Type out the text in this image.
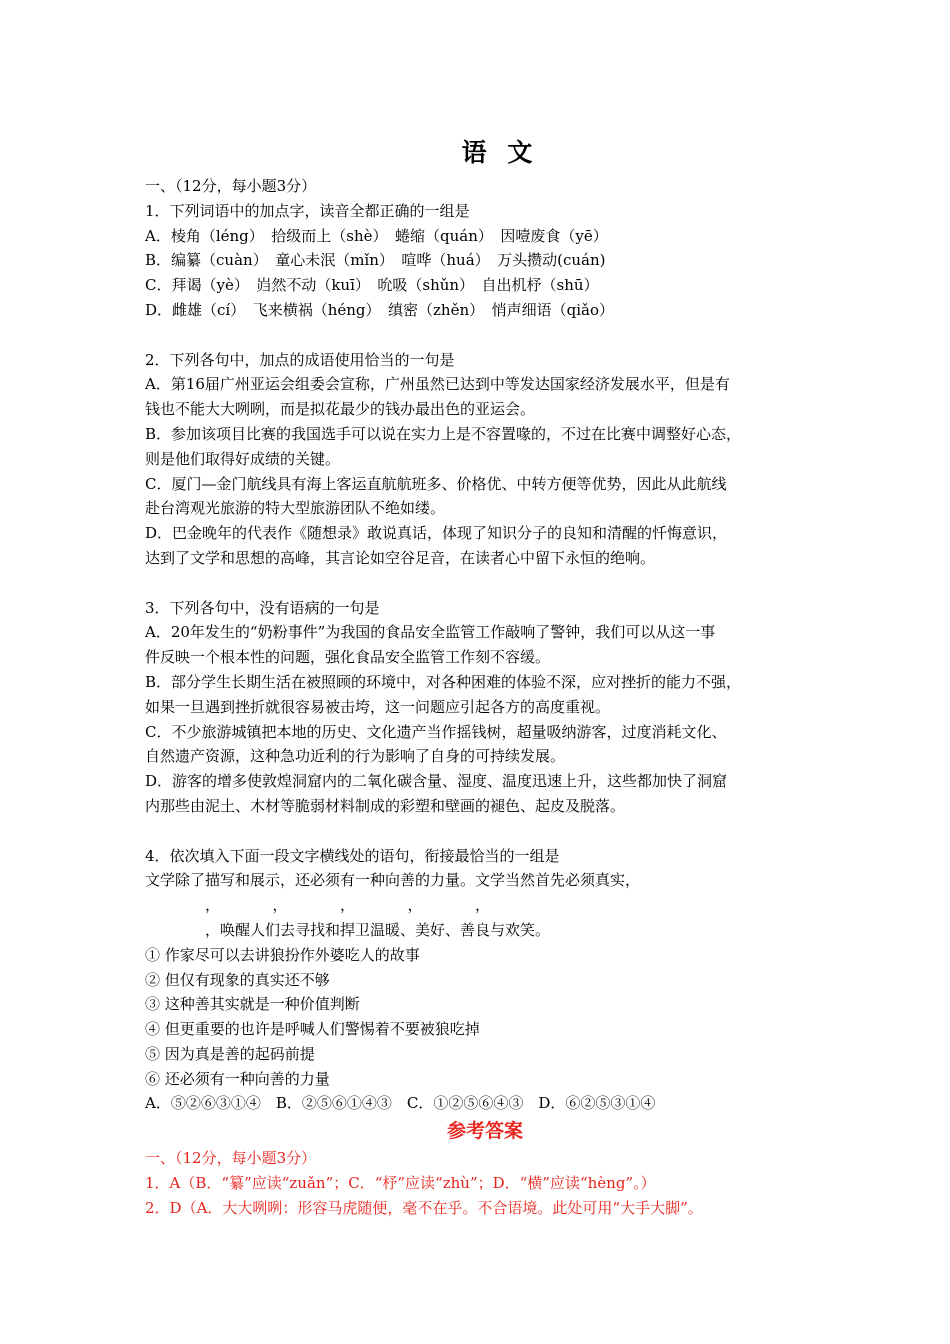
语 文
一、（12分，每小题3分）
1．下列词语中的加点字，读音全都正确的一组是
A．棱角（léng）　拾级而上（shè）　蜷缩（quán）　因噎废食（yē）
B．编纂（cuàn）　童心未泯（mǐn）　喧哗（huá）　万头攒动(cuán)
C．拜谒（yè）　岿然不动（kuī）　吮吸（shǔn）　自出机杼（shū）
D．雌雄（cí）　飞来横祸（héng）　缜密（zhěn）　悄声细语（qiǎo）
2．下列各句中，加点的成语使用恰当的一句是
A．第16届广州亚运会组委会宣称，广州虽然已达到中等发达国家经济发展水平，但是有
钱也不能大大咧咧，而是拟花最少的钱办最出色的亚运会。
B．参加该项目比赛的我国选手可以说在实力上是不容置喙的，不过在比赛中调整好心态，
则是他们取得好成绩的关键。
C．厦门—金门航线具有海上客运直航航班多、价格优、中转方便等优势，因此从此航线
赴台湾观光旅游的特大型旅游团队不绝如缕。
D．巴金晚年的代表作《随想录》敢说真话，体现了知识分子的良知和清醒的忏悔意识，
达到了文学和思想的高峰，其言论如空谷足音，在读者心中留下永恒的绝响。
3．下列各句中，没有语病的一句是
A．20年发生的“奶粉事件”为我国的食品安全监管工作敲响了警钟，我们可以从这一事
件反映一个根本性的问题，强化食品安全监管工作刻不容缓。
B．部分学生长期生活在被照顾的环境中，对各种困难的体验不深，应对挫折的能力不强，
如果一旦遇到挫折就很容易被击垮，这一问题应引起各方的高度重视。
C．不少旅游城镇把本地的历史、文化遗产当作摇钱树，超量吸纳游客，过度消耗文化、
自然遗产资源，这种急功近利的行为影响了自身的可持续发展。
D．游客的增多使敦煌洞窟内的二氧化碳含量、湿度、温度迅速上升，这些都加快了洞窟
内那些由泥土、木材等脆弱材料制成的彩塑和壁画的褪色、起皮及脱落。
4．依次填入下面一段文字横线处的语句，衔接最恰当的一组是
文学除了描写和展示，还必须有一种向善的力量。文学当然首先必须真实，
　　　　，　　　　，　　　　，　　　　，　　　　，
　　　　，唤醒人们去寻找和捍卫温暖、美好、善良与欢笑。
① 作家尽可以去讲狼扮作外婆吃人的故事
② 但仅有现象的真实还不够
③ 这种善其实就是一种价值判断
④ 但更重要的也许是呼喊人们警惕着不要被狼吃掉
⑤ 因为真是善的起码前提
⑥ 还必须有一种向善的力量
A．⑤②⑥③①④　B．②⑤⑥①④③　C．①②⑤⑥④③　D．⑥②⑤③①④
参考答案
一、（12分，每小题3分）
1．A（B．“纂”应读“zuǎn”；C．“杼”应读“zhù”；D．“横”应读“hèng”。）
2．D（A．大大咧咧：形容马虎随便，毫不在乎。不合语境。此处可用“大手大脚”。
